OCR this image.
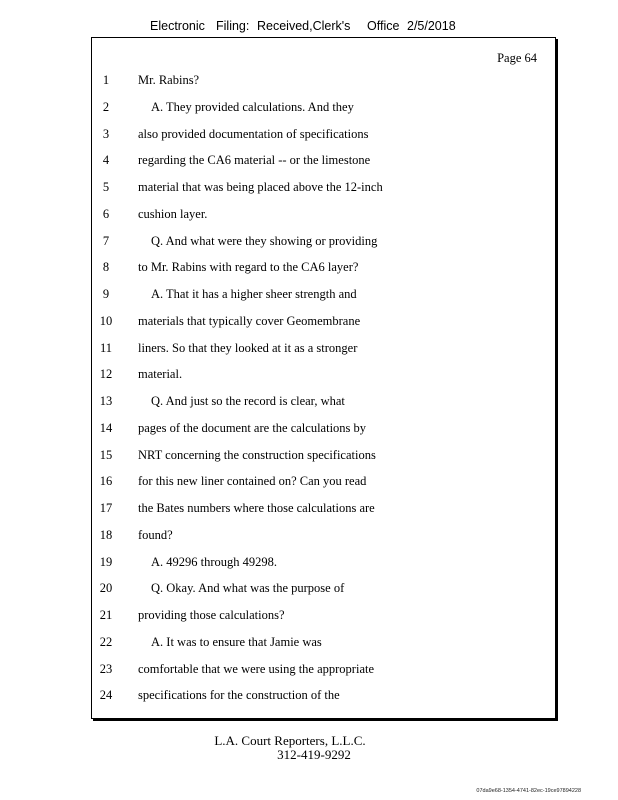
Electronic Filing: Received,Clerk's Office 2/5/2018
Page 64
1	Mr. Rabins?
2	A. They provided calculations. And they
3	also provided documentation of specifications
4	regarding the CA6 material -- or the limestone
5	material that was being placed above the 12-inch
6	cushion layer.
7	Q. And what were they showing or providing
8	to Mr. Rabins with regard to the CA6 layer?
9	A. That it has a higher sheer strength and
10 materials that typically cover Geomembrane
11 liners. So that they looked at it as a stronger
12 material.
13	Q. And just so the record is clear, what
14 pages of the document are the calculations by
15 NRT concerning the construction specifications
16 for this new liner contained on? Can you read
17 the Bates numbers where those calculations are
18 found?
19	A. 49296 through 49298.
20	Q. Okay. And what was the purpose of
21 providing those calculations?
22	A. It was to ensure that Jamie was
23 comfortable that we were using the appropriate
24 specifications for the construction of the
L.A. Court Reporters, L.L.C.
312-419-9292
07da9e68-1354-4741-82ec-19ce97894228
